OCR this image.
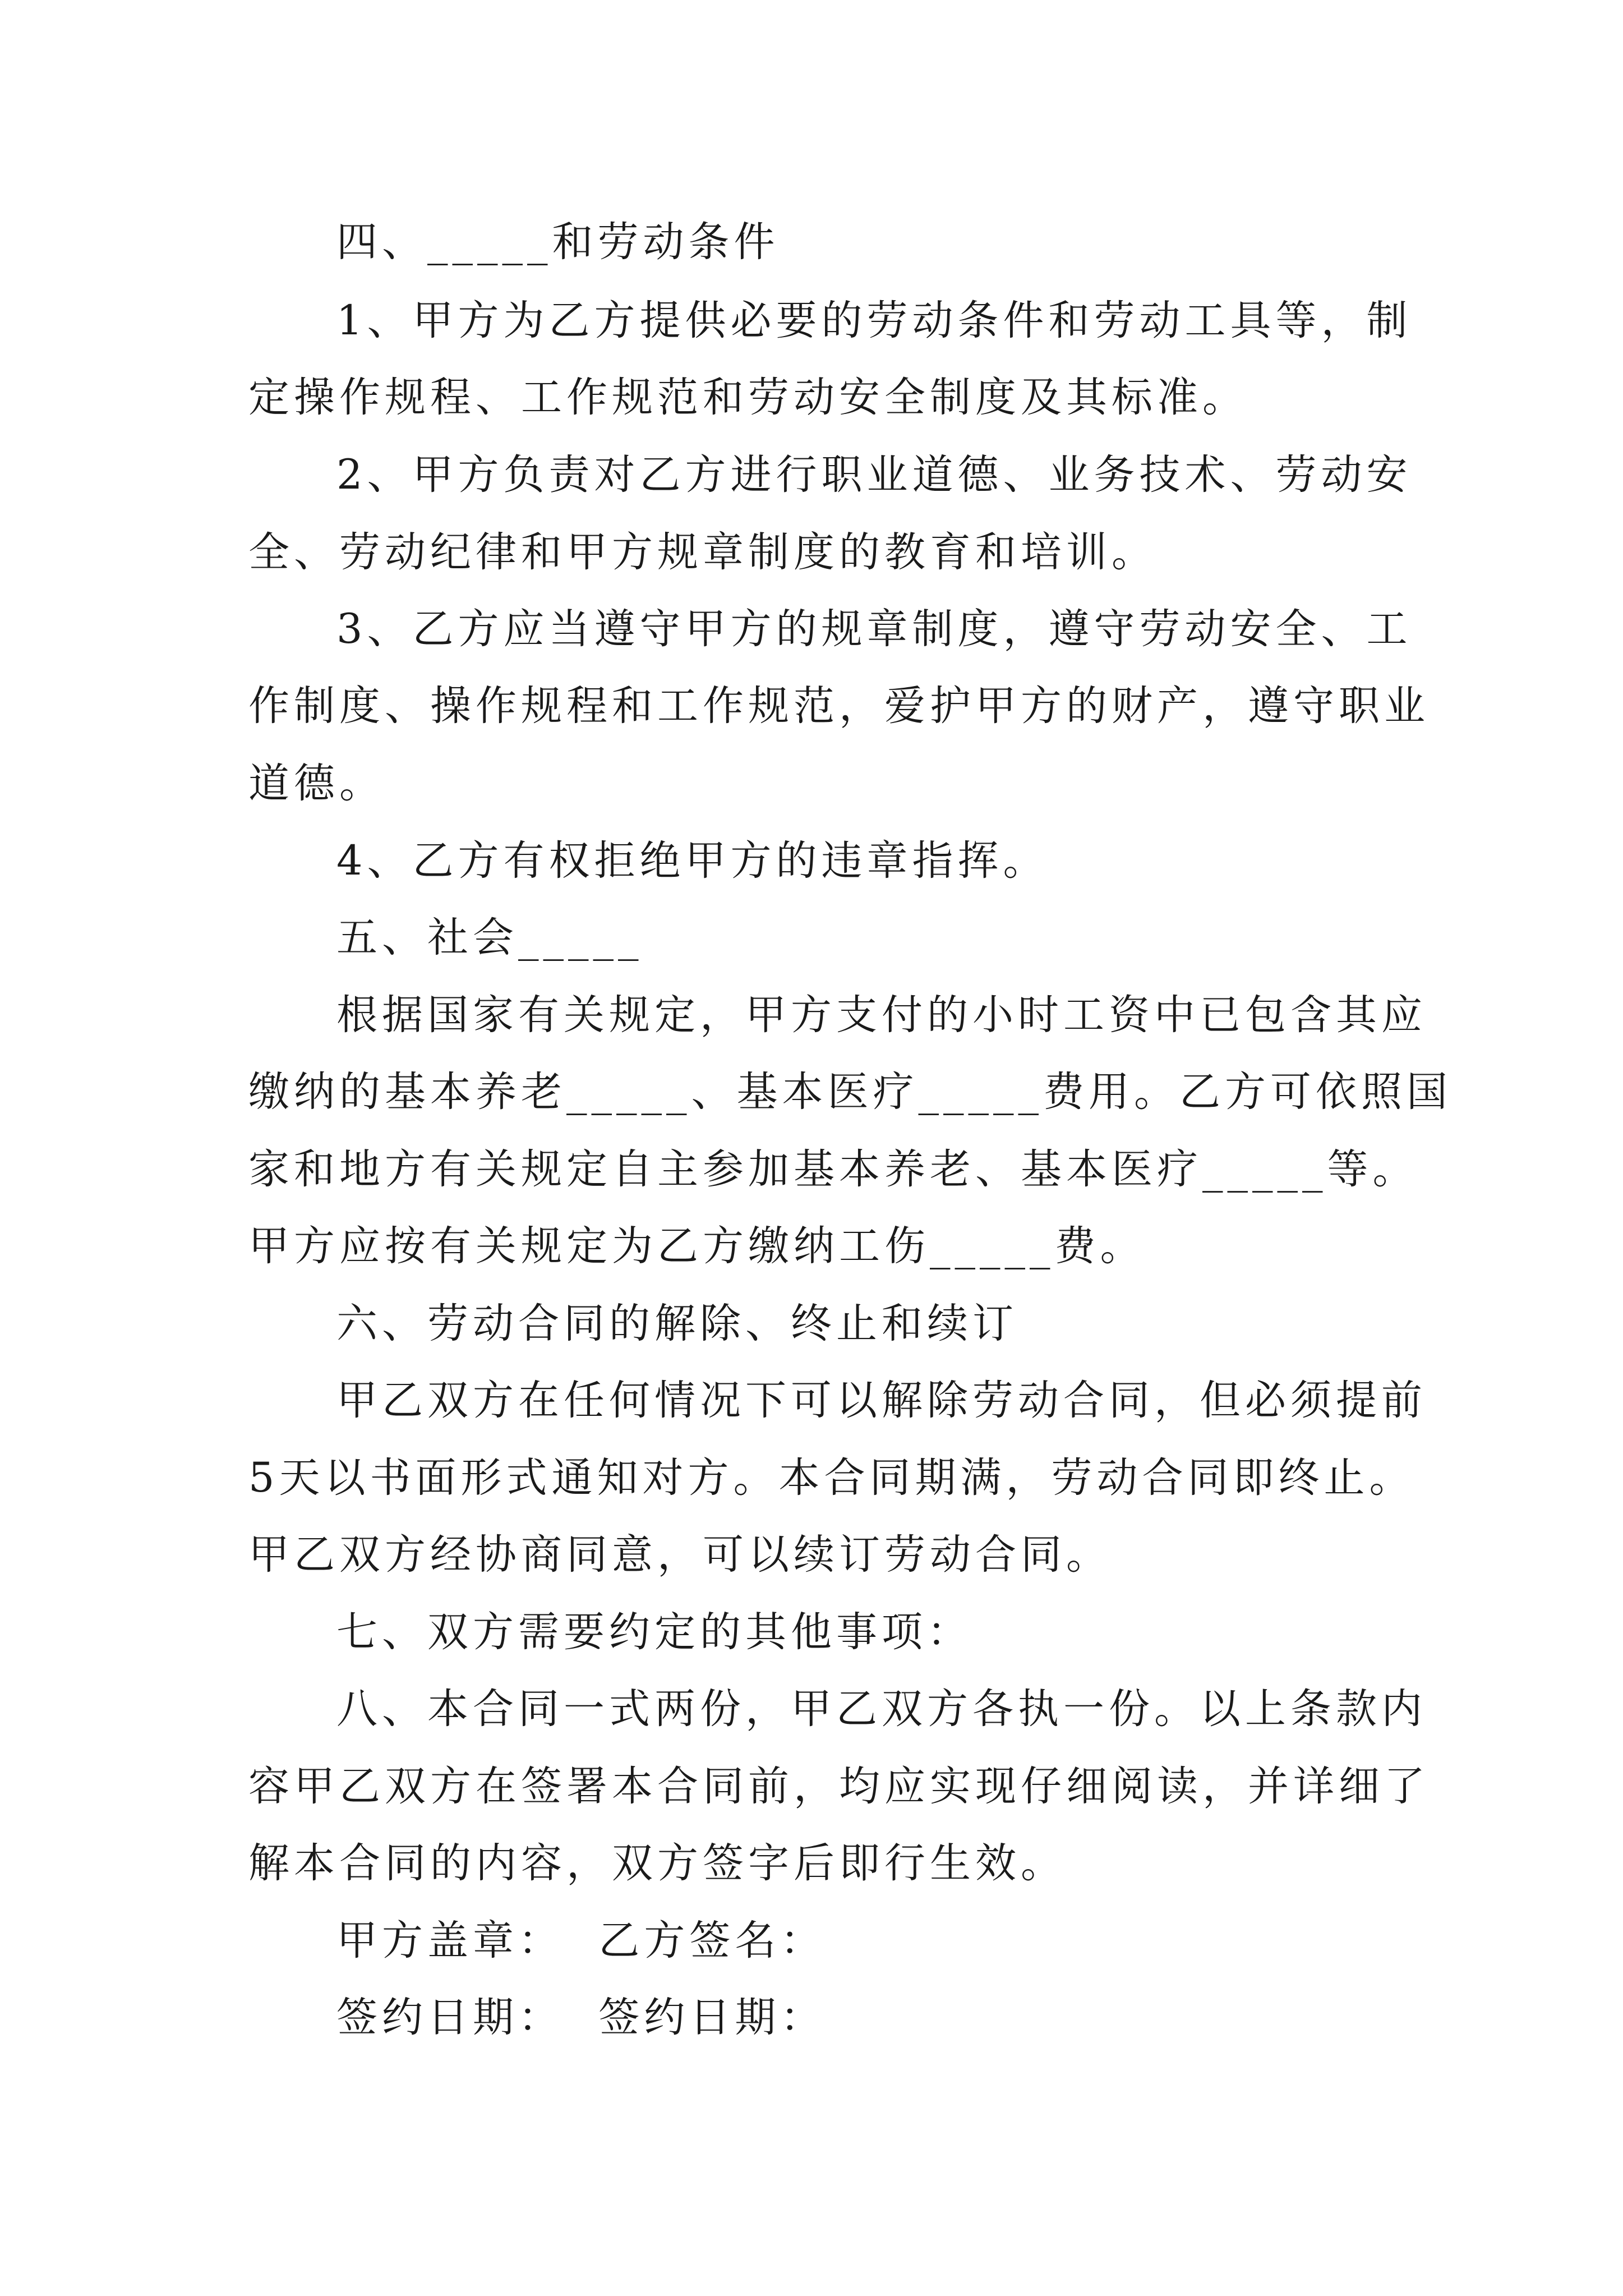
四、_____和劳动条件
1、甲方为乙方提供必要的劳动条件和劳动工具等，制
定操作规程、工作规范和劳动安全制度及其标准。
2、甲方负责对乙方进行职业道德、业务技术、劳动安
全、劳动纪律和甲方规章制度的教育和培训。
3、乙方应当遵守甲方的规章制度，遵守劳动安全、工
作制度、操作规程和工作规范，爱护甲方的财产，遵守职业
道德。
4、乙方有权拒绝甲方的违章指挥。
五、社会_____
根据国家有关规定，甲方支付的小时工资中已包含其应
缴纳的基本养老_____、基本医疗_____费用。乙方可依照国
家和地方有关规定自主参加基本养老、基本医疗_____等。
甲方应按有关规定为乙方缴纳工伤_____费。
六、劳动合同的解除、终止和续订
甲乙双方在任何情况下可以解除劳动合同，但必须提前
5天以书面形式通知对方。本合同期满，劳动合同即终止。
甲乙双方经协商同意，可以续订劳动合同。
七、双方需要约定的其他事项：
八、本合同一式两份，甲乙双方各执一份。以上条款内
容甲乙双方在签署本合同前，均应实现仔细阅读，并详细了
解本合同的内容，双方签字后即行生效。
甲方盖章：  乙方签名：
签约日期：  签约日期：
